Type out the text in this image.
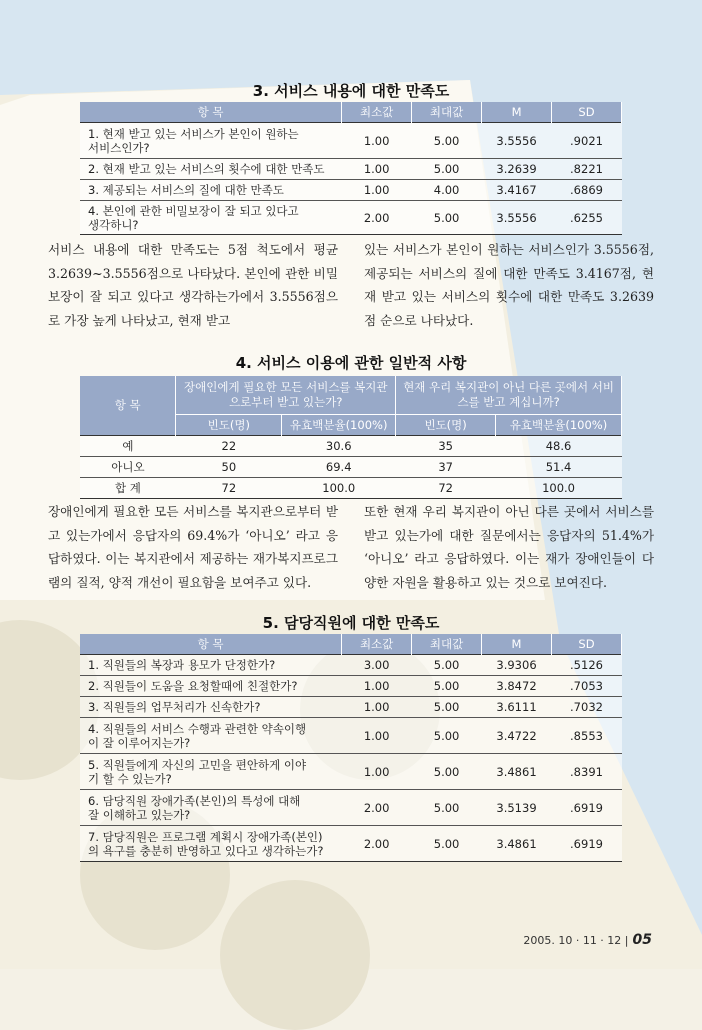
3. 서비스 내용에 대한 만족도
항 목	최소값	최대값	M	SD
1. 현재 받고 있는 서비스가 본인이 원하는 서비스인가?	1.00	5.00	3.5556	.9021
2. 현재 받고 있는 서비스의 횟수에 대한 만족도	1.00	5.00	3.2639	.8221
3. 제공되는 서비스의 질에 대한 만족도	1.00	4.00	3.4167	.6869
4. 본인에 관한 비밀보장이 잘 되고 있다고 생각하니?	2.00	5.00	3.5556	.6255
서비스 내용에 대한 만족도는 5점 척도에서 평균 3.2639~3.5556점으로 나타났다. 본인에 관한 비밀보장이 잘 되고 있다고 생각하는가에서 3.5556점으로 가장 높게 나타났고, 현재 받고
있는 서비스가 본인이 원하는 서비스인가 3.5556점, 제공되는 서비스의 질에 대한 만족도 3.4167점, 현재 받고 있는 서비스의 횟수에 대한 만족도 3.2639점 순으로 나타났다.
4. 서비스 이용에 관한 일반적 사항
항 목	장애인에게 필요한 모든 서비스를 복지관으로부터 받고 있는가?		현재 우리 복지관이 아닌 다른 곳에서 서비스를 받고 계십니까?	
	빈도(명)	유효백분율(100%)	빈도(명)	유효백분율(100%)
예	22	30.6	35	48.6
아니오	50	69.4	37	51.4
합 계	72	100.0	72	100.0
장애인에게 필요한 모든 서비스를 복지관으로부터 받고 있는가에서 응답자의 69.4%가 ‘아니오’ 라고 응답하였다. 이는 복지관에서 제공하는 재가복지프로그램의 질적, 양적 개선이 필요함을 보여주고 있다.
또한 현재 우리 복지관이 아닌 다른 곳에서 서비스를 받고 있는가에 대한 질문에서는 응답자의 51.4%가 ‘아니오’ 라고 응답하였다. 이는 재가 장애인들이 다양한 자원을 활용하고 있는 것으로 보여진다.
5. 담당직원에 대한 만족도
항 목	최소값	최대값	M	SD
1. 직원들의 복장과 용모가 단정한가?	3.00	5.00	3.9306	.5126
2. 직원들이 도움을 요청할때에 친절한가?	1.00	5.00	3.8472	.7053
3. 직원들의 업무처리가 신속한가?	1.00	5.00	3.6111	.7032
4. 직원들의 서비스 수행과 관련한 약속이행이 잘 이루어지는가?	1.00	5.00	3.4722	.8553
5. 직원들에게 자신의 고민을 편안하게 이야기 할 수 있는가?	1.00	5.00	3.4861	.8391
6. 담당직원 장애가족(본인)의 특성에 대해 잘 이해하고 있는가?	2.00	5.00	3.5139	.6919
7. 담당직원은 프로그램 계획시 장애가족(본인)의 욕구를 충분히 반영하고 있다고 생각하는가?	2.00	5.00	3.4861	.6919
2005. 10 · 11 · 12 | 05
